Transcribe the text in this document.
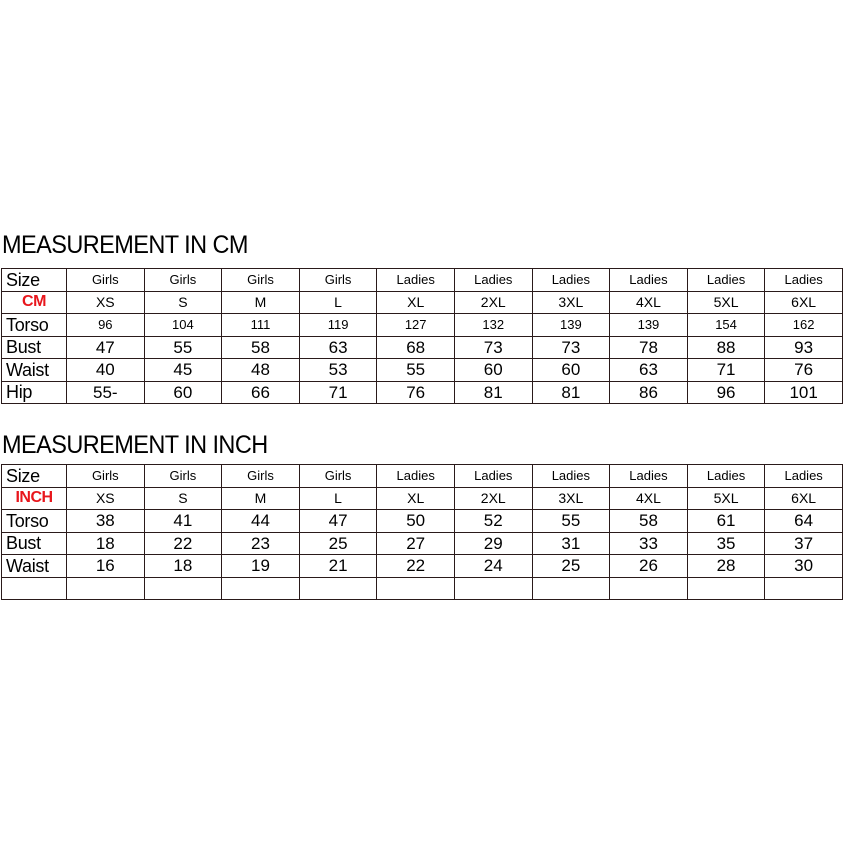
MEASUREMENT IN CM
Size	Girls	Girls	Girls	Girls	Ladies	Ladies	Ladies	Ladies	Ladies	Ladies
CM	XS	S	M	L	XL	2XL	3XL	4XL	5XL	6XL
Torso	96	104	111	119	127	132	139	139	154	162
Bust	47	55	58	63	68	73	73	78	88	93
Waist	40	45	48	53	55	60	60	63	71	76
Hip	55-	60	66	71	76	81	81	86	96	101
MEASUREMENT IN INCH
Size	Girls	Girls	Girls	Girls	Ladies	Ladies	Ladies	Ladies	Ladies	Ladies
INCH	XS	S	M	L	XL	2XL	3XL	4XL	5XL	6XL
Torso	38	41	44	47	50	52	55	58	61	64
Bust	18	22	23	25	27	29	31	33	35	37
Waist	16	18	19	21	22	24	25	26	28	30
